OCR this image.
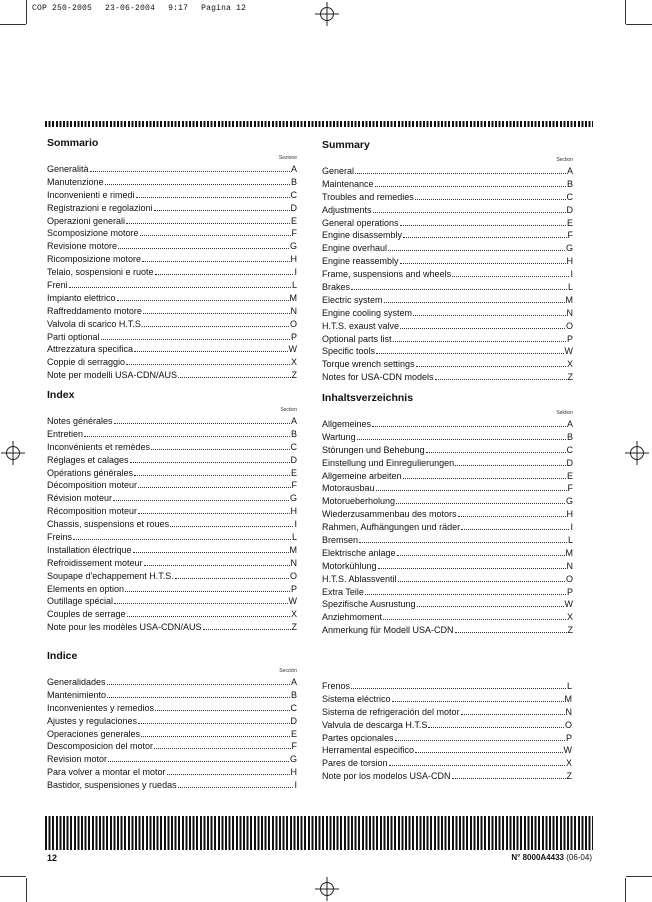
COP 250-2005 23-06-2004 9:17 Pagina 12
Sommario
Sezione
Generalità	A
Manutenzione	B
Inconvenienti e rimedi	C
Registrazioni e regolazioni	D
Operazioni generali	E
Scomposizione motore	F
Revisione motore	G
Ricomposizione motore	H
Telaio, sospensioni e ruote	I
Freni	L
Impianto elettrico	M
Raffreddamento motore	N
Valvola di scarico H.T.S.	O
Parti optional	P
Attrezzatura specifica	W
Coppie di serraggio	X
Note per modelli USA-CDN/AUS	Z
Summary
Section
General	A
Maintenance	B
Troubles and remedies	C
Adjustments	D
General operations	E
Engine disassembly	F
Engine overhaul	G
Engine reassembly	H
Frame, suspensions and wheels	I
Brakes	L
Electric system	M
Engine cooling system	N
H.T.S. exaust valve	O
Optional parts list	P
Specific tools	W
Torque wrench settings	X
Notes for USA-CDN models	Z
Index
Section
Notes générales	A
Entretien	B
Inconvénients et remèdes	C
Réglages et calages	D
Opérations générales	E
Décomposition moteur	F
Révision moteur	G
Récomposition moteur	H
Chassis, suspensions et roues	I
Freins	L
Installation électrique	M
Refroidissement moteur	N
Soupape d'echappement H.T.S.	O
Elements en option	P
Outillage spécial	W
Couples de serrage	X
Note pour les modèles USA-CDN/AUS	Z
Inhaltsverzeichnis
Sektion
Allgemeines	A
Wartung	B
Störungen und Behebung	C
Einstellung und Einregulierungen	D
Allgemeine arbeiten	E
Motorausbau	F
Motorueberholung	G
Wiederzusammenbau des motors	H
Rahmen, Aufhängungen und räder	I
Bremsen	L
Elektrische anlage	M
Motorkühlung	N
H.T.S. Ablassventil	O
Extra Teile	P
Spezifische Ausrustung	W
Anziehmoment	X
Anmerkung für Modell USA-CDN	Z
Indice
Sección
Generalidades	A
Mantenimiento	B
Inconvenientes y remedios	C
Ajustes y regulaciones	D
Operaciones generales	E
Descomposicion del motor	F
Revision motor	G
Para volver a montar el motor	H
Bastidor, suspensiones y ruedas	I
Frenos	L
Sistema eléctrico	M
Sistema de refrigeración del motor	N
Valvula de descarga H.T.S	O
Partes opcionales	P
Herramental especifico	W
Pares de torsion	X
Note por los modelos USA-CDN	Z
12	N° 8000A4433 (06-04)
